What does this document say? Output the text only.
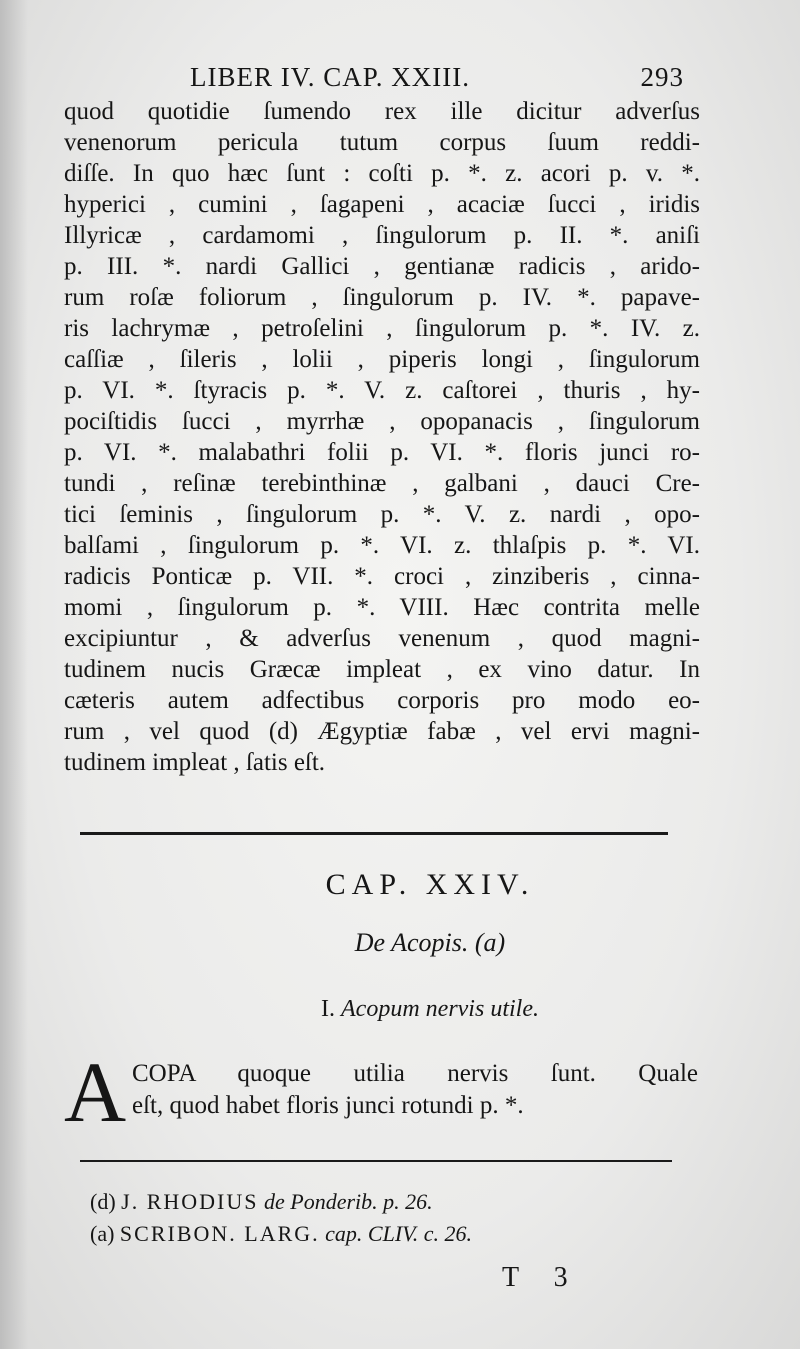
LIBER IV. CAP. XXIII.	293
quod quotidie ſumendo rex ille dicitur adverſus
venenorum pericula tutum corpus ſuum reddi-
diſſe. In quo hæc ſunt : coſti p. *. z. acori p. v. *.
hyperici , cumini , ſagapeni , acaciæ ſucci , iridis
Illyricæ , cardamomi , ſingulorum p. II. *. aniſi
p. III. *. nardi Gallici , gentianæ radicis , arido-
rum roſæ foliorum , ſingulorum p. IV. *. papave-
ris lachrymæ , petroſelini , ſingulorum p. *. IV. z.
caſſiæ , ſileris , lolii , piperis longi , ſingulorum
p. VI. *. ſtyracis p. *. V. z. caſtorei , thuris , hy-
pociſtidis ſucci , myrrhæ , opopanacis , ſingulorum
p. VI. *. malabathri folii p. VI. *. floris junci ro-
tundi , reſinæ terebinthinæ , galbani , dauci Cre-
tici ſeminis , ſingulorum p. *. V. z. nardi , opo-
balſami , ſingulorum p. *. VI. z. thlaſpis p. *. VI.
radicis Ponticæ p. VII. *. croci , zinziberis , cinna-
momi , ſingulorum p. *. VIII. Hæc contrita melle
excipiuntur , & adverſus venenum , quod magni-
tudinem nucis Græcæ impleat , ex vino datur. In
cæteris autem adfectibus corporis pro modo eo-
rum , vel quod (d) Ægyptiæ fabæ , vel ervi magni-
tudinem impleat , ſatis eſt.
CAP. XXIV.
De Acopis. (a)
I. Acopum nervis utile.
A COPA quoque utilia nervis ſunt. Quale
eſt, quod habet floris junci rotundi p. *.
(d) J. RHODIUS de Ponderib. p. 26.
(a) SCRIBON. LARG. cap. CLIV. c. 26.
T 3
